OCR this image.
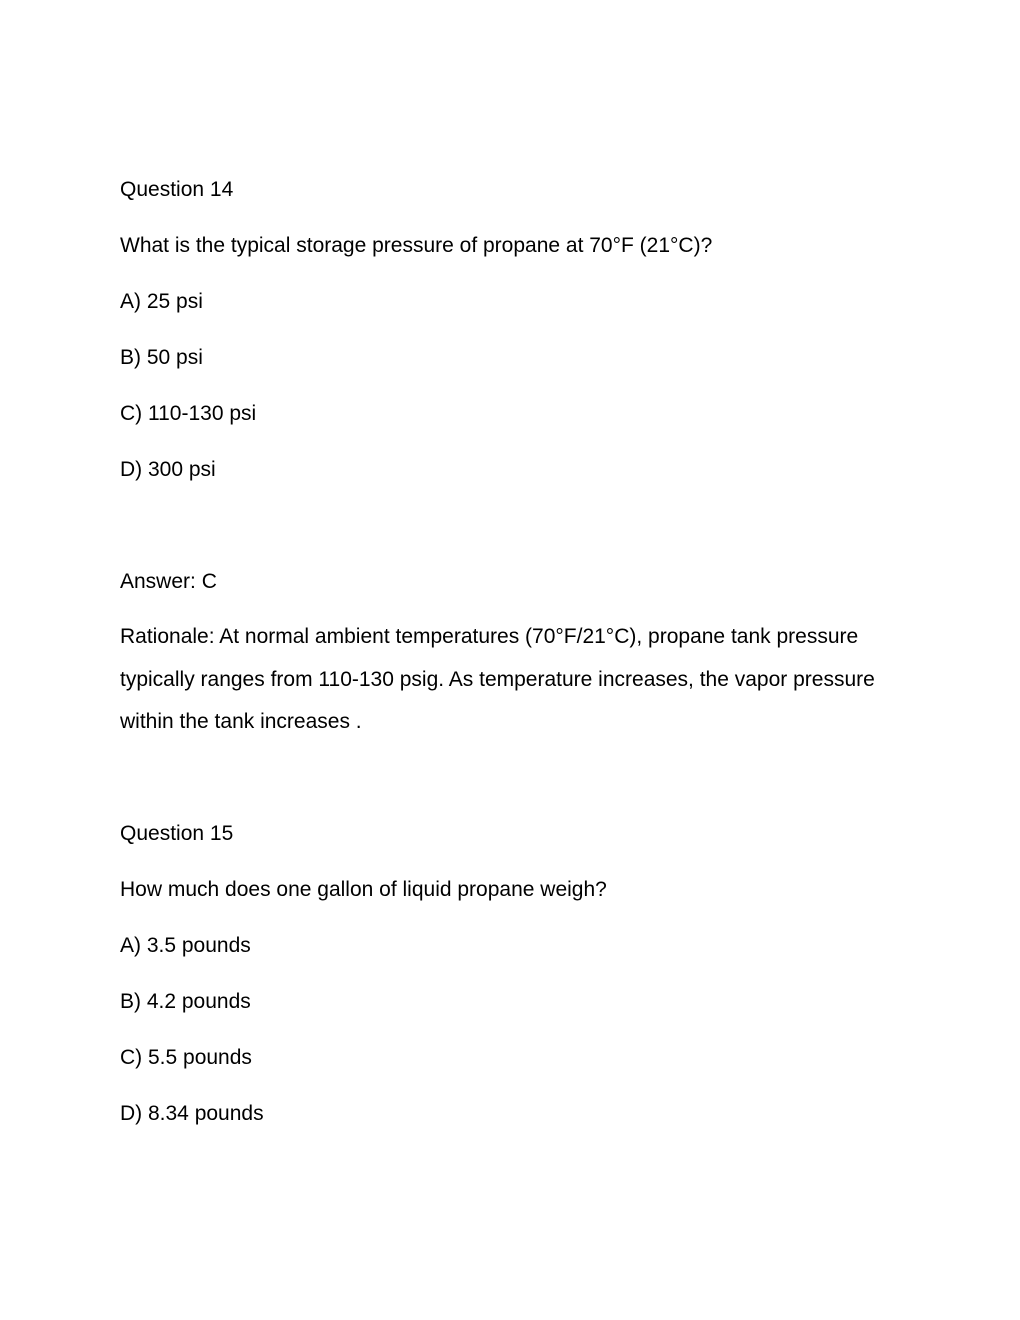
Question 14

What is the typical storage pressure of propane at 70°F (21°C)?

A) 25 psi

B) 50 psi

C) 110-130 psi

D) 300 psi

Answer: C

Rationale: At normal ambient temperatures (70°F/21°C), propane tank pressure
typically ranges from 110-130 psig. As temperature increases, the vapor pressure
within the tank increases .

Question 15

How much does one gallon of liquid propane weigh?

A) 3.5 pounds

B) 4.2 pounds

C) 5.5 pounds

D) 8.34 pounds
